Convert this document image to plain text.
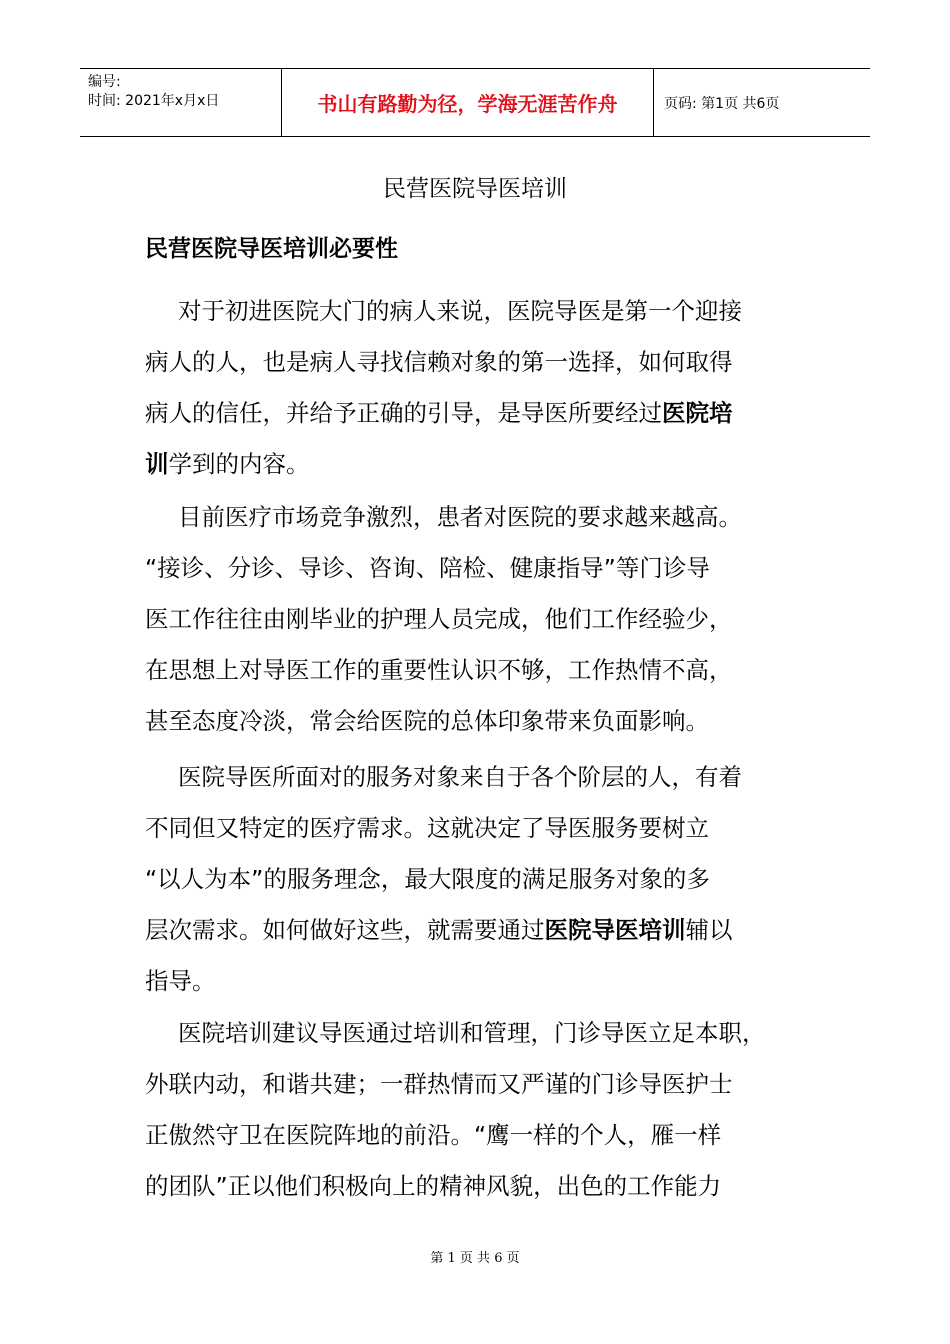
编号:
时间: 2021年x月x日	书山有路勤为径，学海无涯苦作舟	页码: 第1页 共6页
民营医院导医培训
民营医院导医培训必要性
对于初进医院大门的病人来说，医院导医是第一个迎接
病人的人，也是病人寻找信赖对象的第一选择，如何取得
病人的信任，并给予正确的引导，是导医所要经过医院培
训学到的内容。
目前医疗市场竞争激烈，患者对医院的要求越来越高。
“接诊、分诊、导诊、咨询、陪检、健康指导”等门诊导
医工作往往由刚毕业的护理人员完成，他们工作经验少，
在思想上对导医工作的重要性认识不够，工作热情不高，
甚至态度冷淡，常会给医院的总体印象带来负面影响。
医院导医所面对的服务对象来自于各个阶层的人，有着
不同但又特定的医疗需求。这就决定了导医服务要树立
“以人为本”的服务理念，最大限度的满足服务对象的多
层次需求。如何做好这些，就需要通过医院导医培训辅以
指导。
医院培训建议导医通过培训和管理，门诊导医立足本职，
外联内动，和谐共建；一群热情而又严谨的门诊导医护士
正傲然守卫在医院阵地的前沿。“鹰一样的个人，雁一样
的团队”正以他们积极向上的精神风貌，出色的工作能力
第 1 页 共 6 页
